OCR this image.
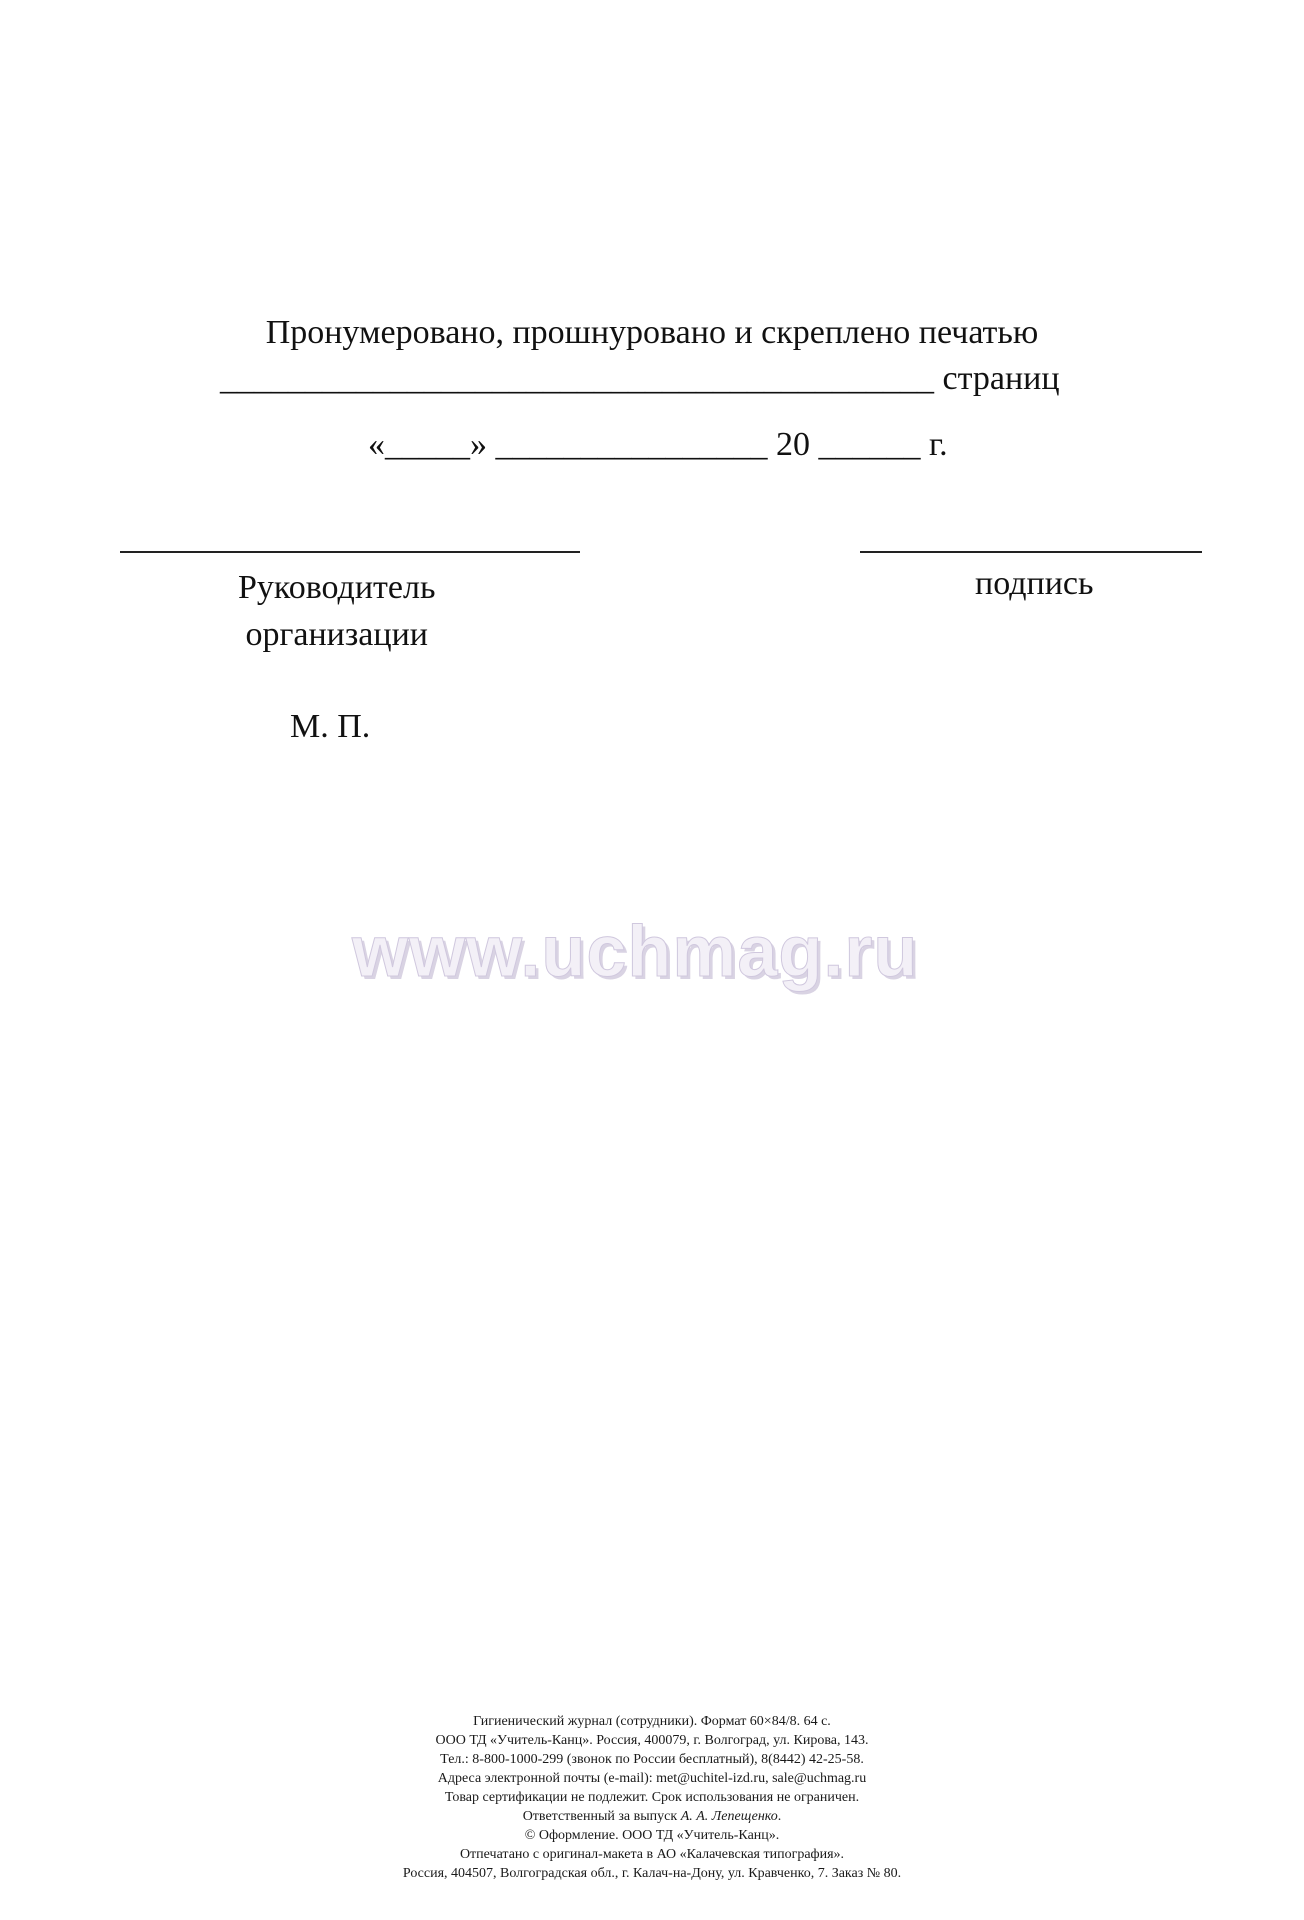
Пронумеровано, прошнуровано и скреплено печатью
__________________________________________ страниц
«_____» ________________ 20 ______ г.
Руководитель
организации
подпись
М. П.
www.uchmag.ru
Гигиенический журнал (сотрудники). Формат 60×84/8. 64 с.
ООО ТД «Учитель-Канц». Россия, 400079, г. Волгоград, ул. Кирова, 143.
Тел.: 8-800-1000-299 (звонок по России бесплатный), 8(8442) 42-25-58.
Адреса электронной почты (e-mail): met@uchitel-izd.ru, sale@uchmag.ru
Товар сертификации не подлежит. Срок использования не ограничен.
Ответственный за выпуск А. А. Лепещенко.
© Оформление. ООО ТД «Учитель-Канц».
Отпечатано с оригинал-макета в АО «Калачевская типография».
Россия, 404507, Волгоградская обл., г. Калач-на-Дону, ул. Кравченко, 7. Заказ № 80.
